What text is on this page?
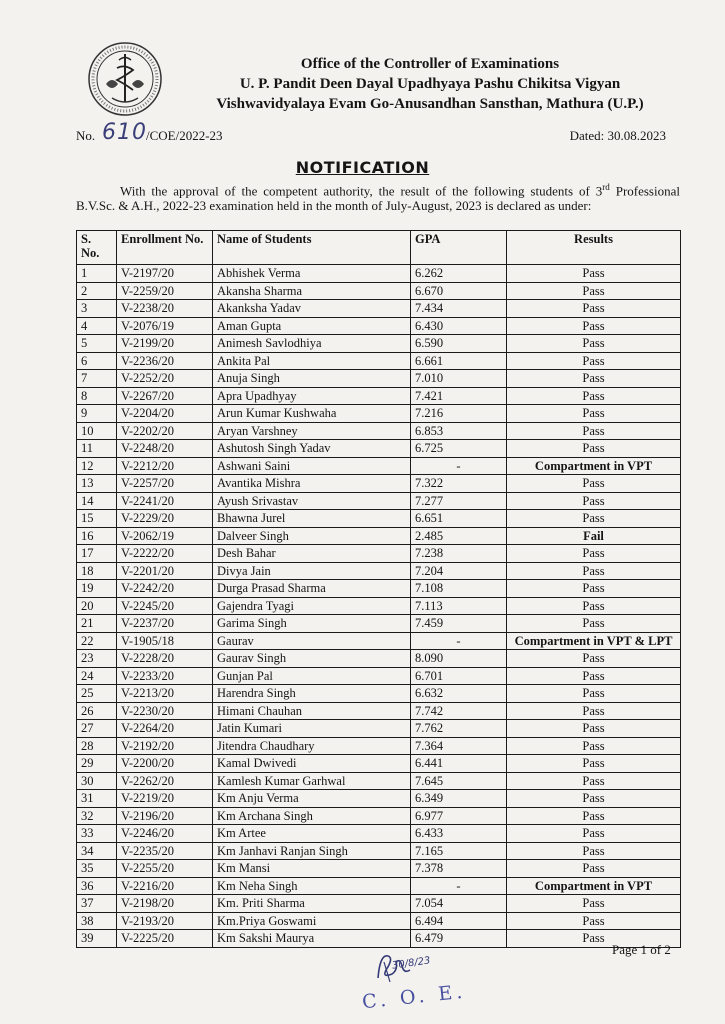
Office of the Controller of Examinations
U. P. Pandit Deen Dayal Upadhyaya Pashu Chikitsa Vigyan
Vishwavidyalaya Evam Go-Anusandhan Sansthan, Mathura (U.P.)
No. 610 /COE/2022-23	Dated: 30.08.2023
NOTIFICATION
With the approval of the competent authority, the result of the following students of 3rd Professional B.V.Sc. & A.H., 2022-23 examination held in the month of July-August, 2023 is declared as under:
S. No.	Enrollment No.	Name of Students	GPA	Results
1	V-2197/20	Abhishek Verma	6.262	Pass
2	V-2259/20	Akansha Sharma	6.670	Pass
3	V-2238/20	Akanksha Yadav	7.434	Pass
4	V-2076/19	Aman Gupta	6.430	Pass
5	V-2199/20	Animesh Savlodhiya	6.590	Pass
6	V-2236/20	Ankita Pal	6.661	Pass
7	V-2252/20	Anuja Singh	7.010	Pass
8	V-2267/20	Apra Upadhyay	7.421	Pass
9	V-2204/20	Arun Kumar Kushwaha	7.216	Pass
10	V-2202/20	Aryan Varshney	6.853	Pass
11	V-2248/20	Ashutosh Singh Yadav	6.725	Pass
12	V-2212/20	Ashwani Saini	-	Compartment in VPT
13	V-2257/20	Avantika Mishra	7.322	Pass
14	V-2241/20	Ayush Srivastav	7.277	Pass
15	V-2229/20	Bhawna Jurel	6.651	Pass
16	V-2062/19	Dalveer Singh	2.485	Fail
17	V-2222/20	Desh Bahar	7.238	Pass
18	V-2201/20	Divya Jain	7.204	Pass
19	V-2242/20	Durga Prasad Sharma	7.108	Pass
20	V-2245/20	Gajendra Tyagi	7.113	Pass
21	V-2237/20	Garima Singh	7.459	Pass
22	V-1905/18	Gaurav	-	Compartment in VPT & LPT
23	V-2228/20	Gaurav Singh	8.090	Pass
24	V-2233/20	Gunjan Pal	6.701	Pass
25	V-2213/20	Harendra Singh	6.632	Pass
26	V-2230/20	Himani Chauhan	7.742	Pass
27	V-2264/20	Jatin Kumari	7.762	Pass
28	V-2192/20	Jitendra Chaudhary	7.364	Pass
29	V-2200/20	Kamal Dwivedi	6.441	Pass
30	V-2262/20	Kamlesh Kumar Garhwal	7.645	Pass
31	V-2219/20	Km Anju Verma	6.349	Pass
32	V-2196/20	Km Archana Singh	6.977	Pass
33	V-2246/20	Km Artee	6.433	Pass
34	V-2235/20	Km Janhavi Ranjan Singh	7.165	Pass
35	V-2255/20	Km Mansi	7.378	Pass
36	V-2216/20	Km Neha Singh	-	Compartment in VPT
37	V-2198/20	Km. Priti Sharma	7.054	Pass
38	V-2193/20	Km.Priya Goswami	6.494	Pass
39	V-2225/20	Km Sakshi Maurya	6.479	Pass
Page 1 of 2
30/8/23
C. O. E.
